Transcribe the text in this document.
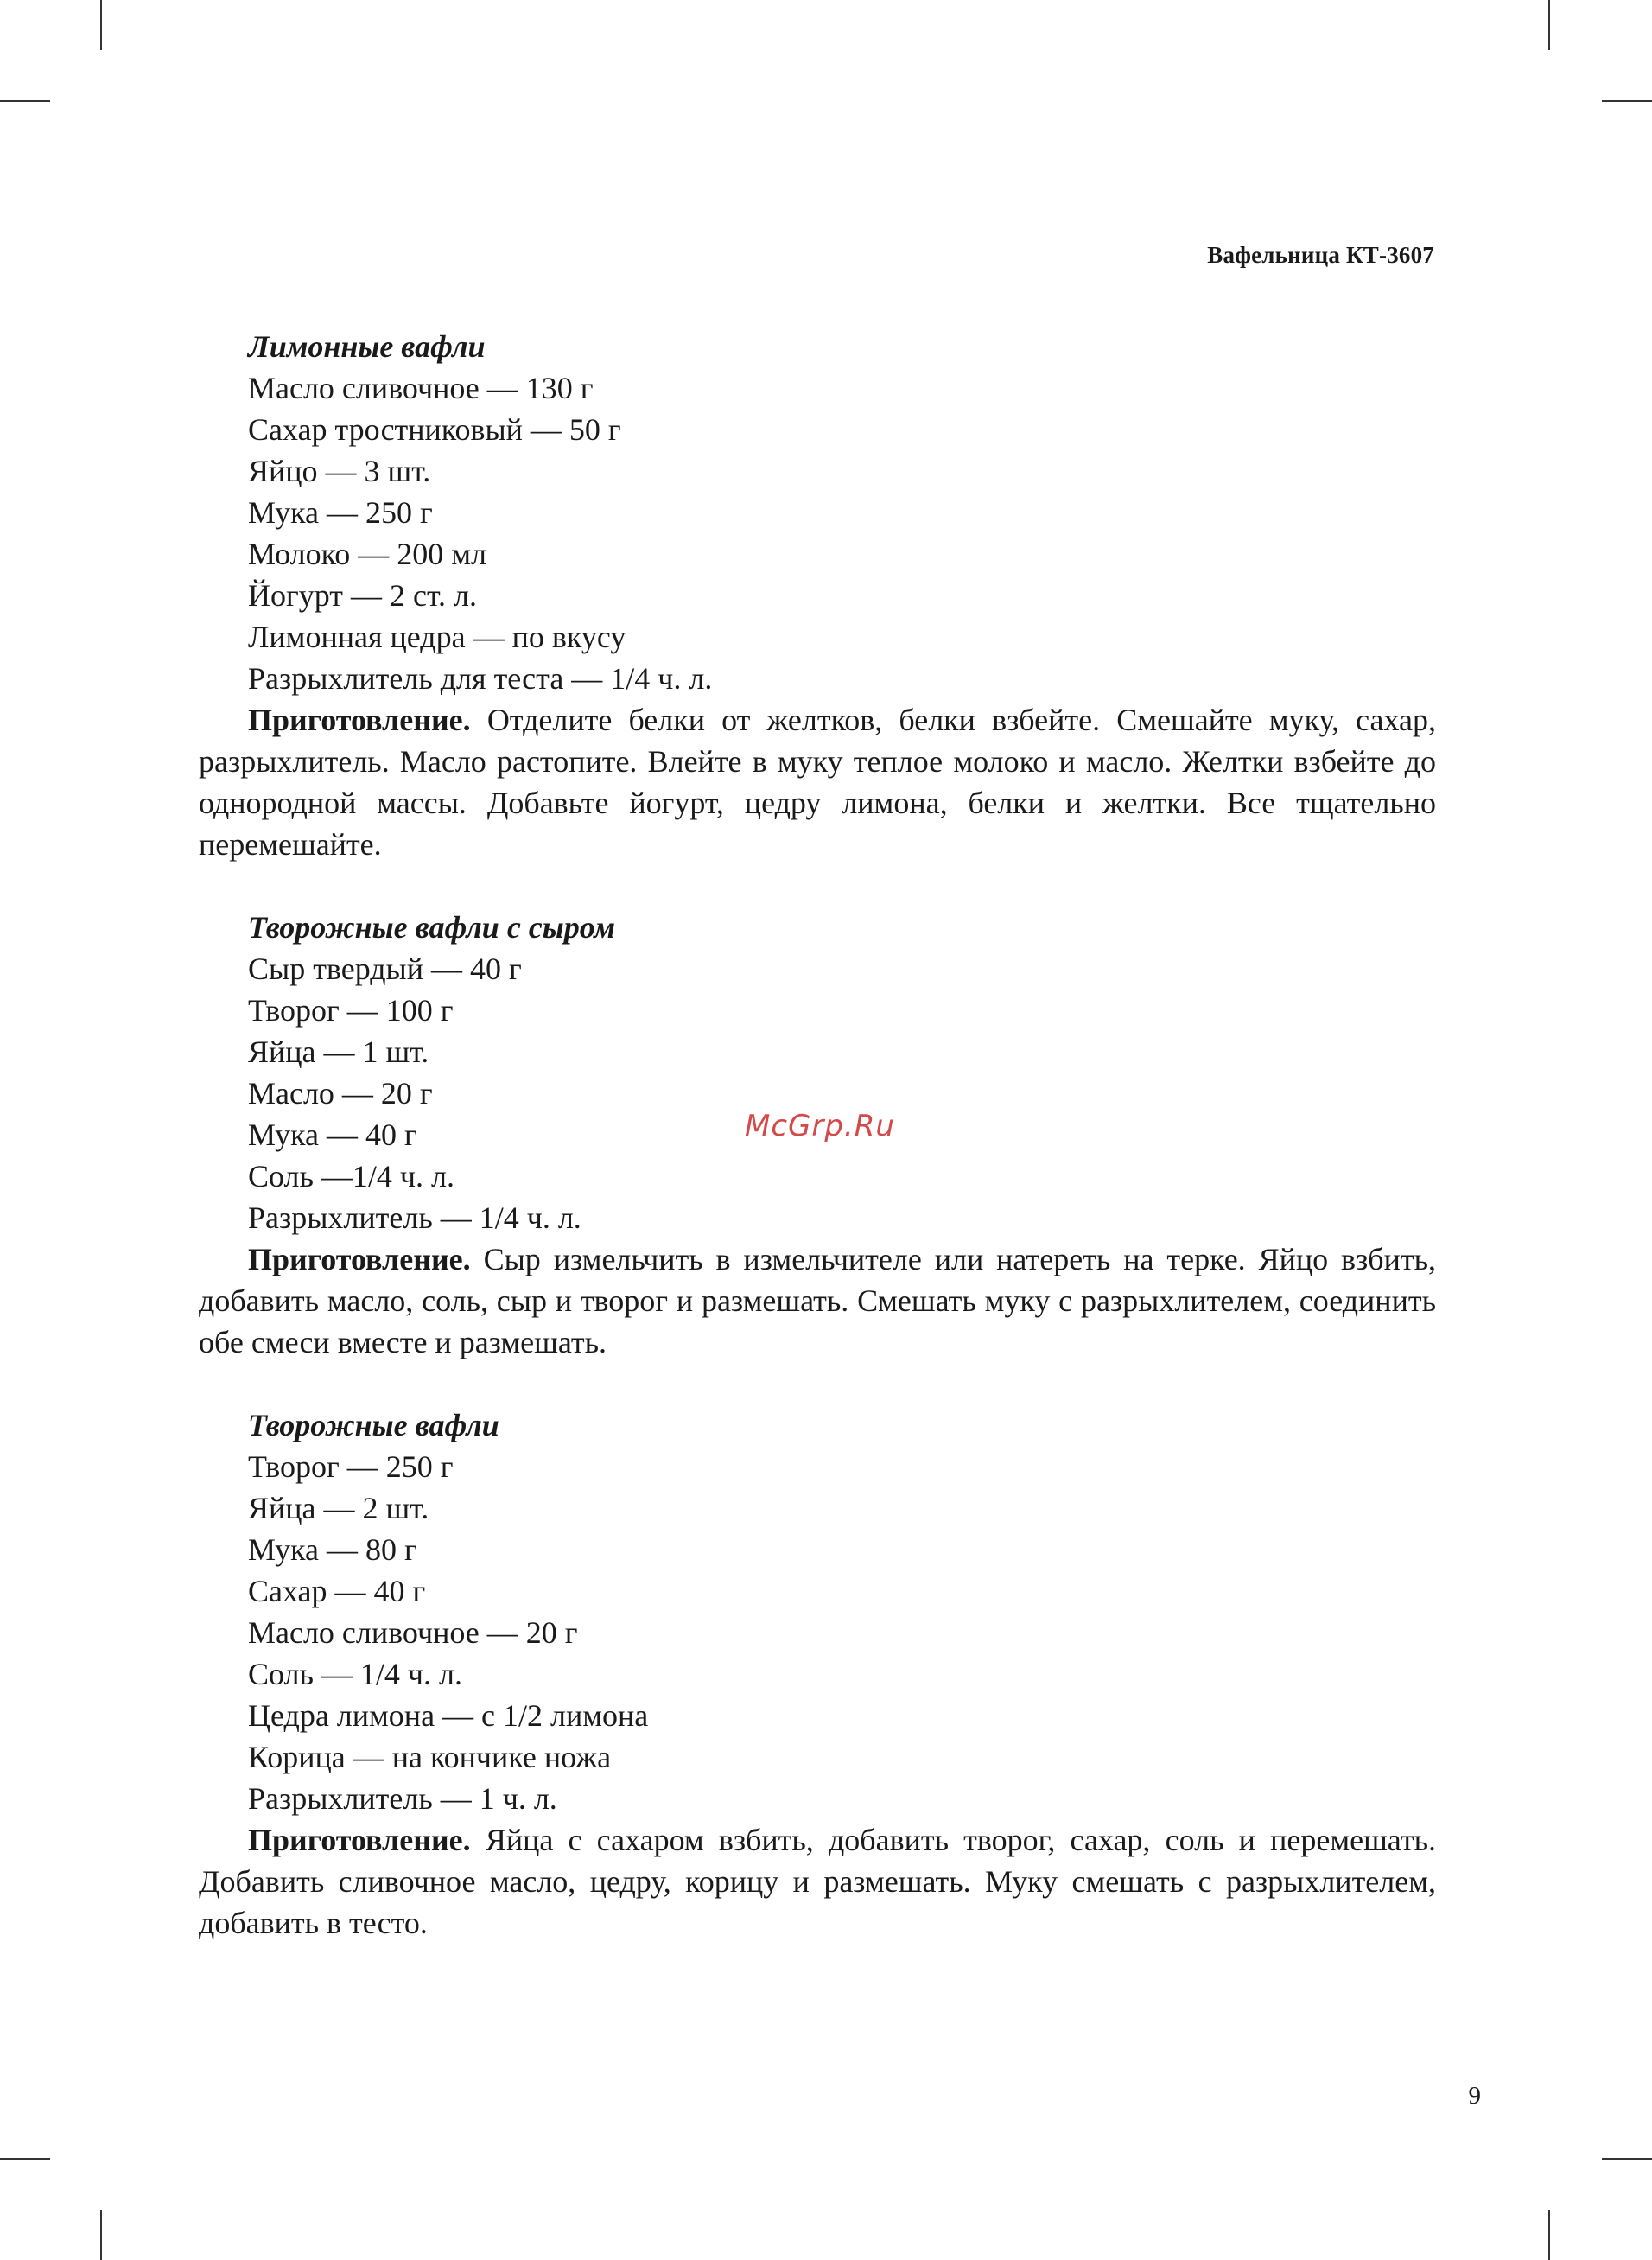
Вафельница КТ-3607
Лимонные вафли
Масло сливочное — 130 г
Сахар тростниковый — 50 г
Яйцо — 3 шт.
Мука — 250 г
Молоко — 200 мл
Йогурт — 2 ст. л.
Лимонная цедра — по вкусу
Разрыхлитель для теста — 1/4 ч. л.

Приготовление. Отделите белки от желтков, белки взбейте. Смешайте муку, сахар, разрыхлитель. Масло растопите. Влейте в муку теплое молоко и масло. Желтки взбейте до однородной массы. Добавьте йогурт, цедру лимона, белки и желтки. Все тщательно перемешайте.

Творожные вафли с сыром
Сыр твердый — 40 г
Творог — 100 г
Яйца — 1 шт.
Масло — 20 г
Мука — 40 г
Соль —1/4 ч. л.
Разрыхлитель — 1/4 ч. л.

Приготовление. Сыр измельчить в измельчителе или натереть на терке. Яйцо взбить, добавить масло, соль, сыр и творог и размешать. Смешать муку с разрыхлителем, соединить обе смеси вместе и размешать.

Творожные вафли
Творог — 250 г
Яйца — 2 шт.
Мука — 80 г
Сахар — 40 г
Масло сливочное — 20 г
Соль — 1/4 ч. л.
Цедра лимона — с 1/2 лимона
Корица — на кончике ножа
Разрыхлитель — 1 ч. л.

Приготовление. Яйца с сахаром взбить, добавить творог, сахар, соль и перемешать. Добавить сливочное масло, цедру, корицу и размешать. Муку смешать с разрыхлителем, добавить в тесто.

McGrp.Ru
9
